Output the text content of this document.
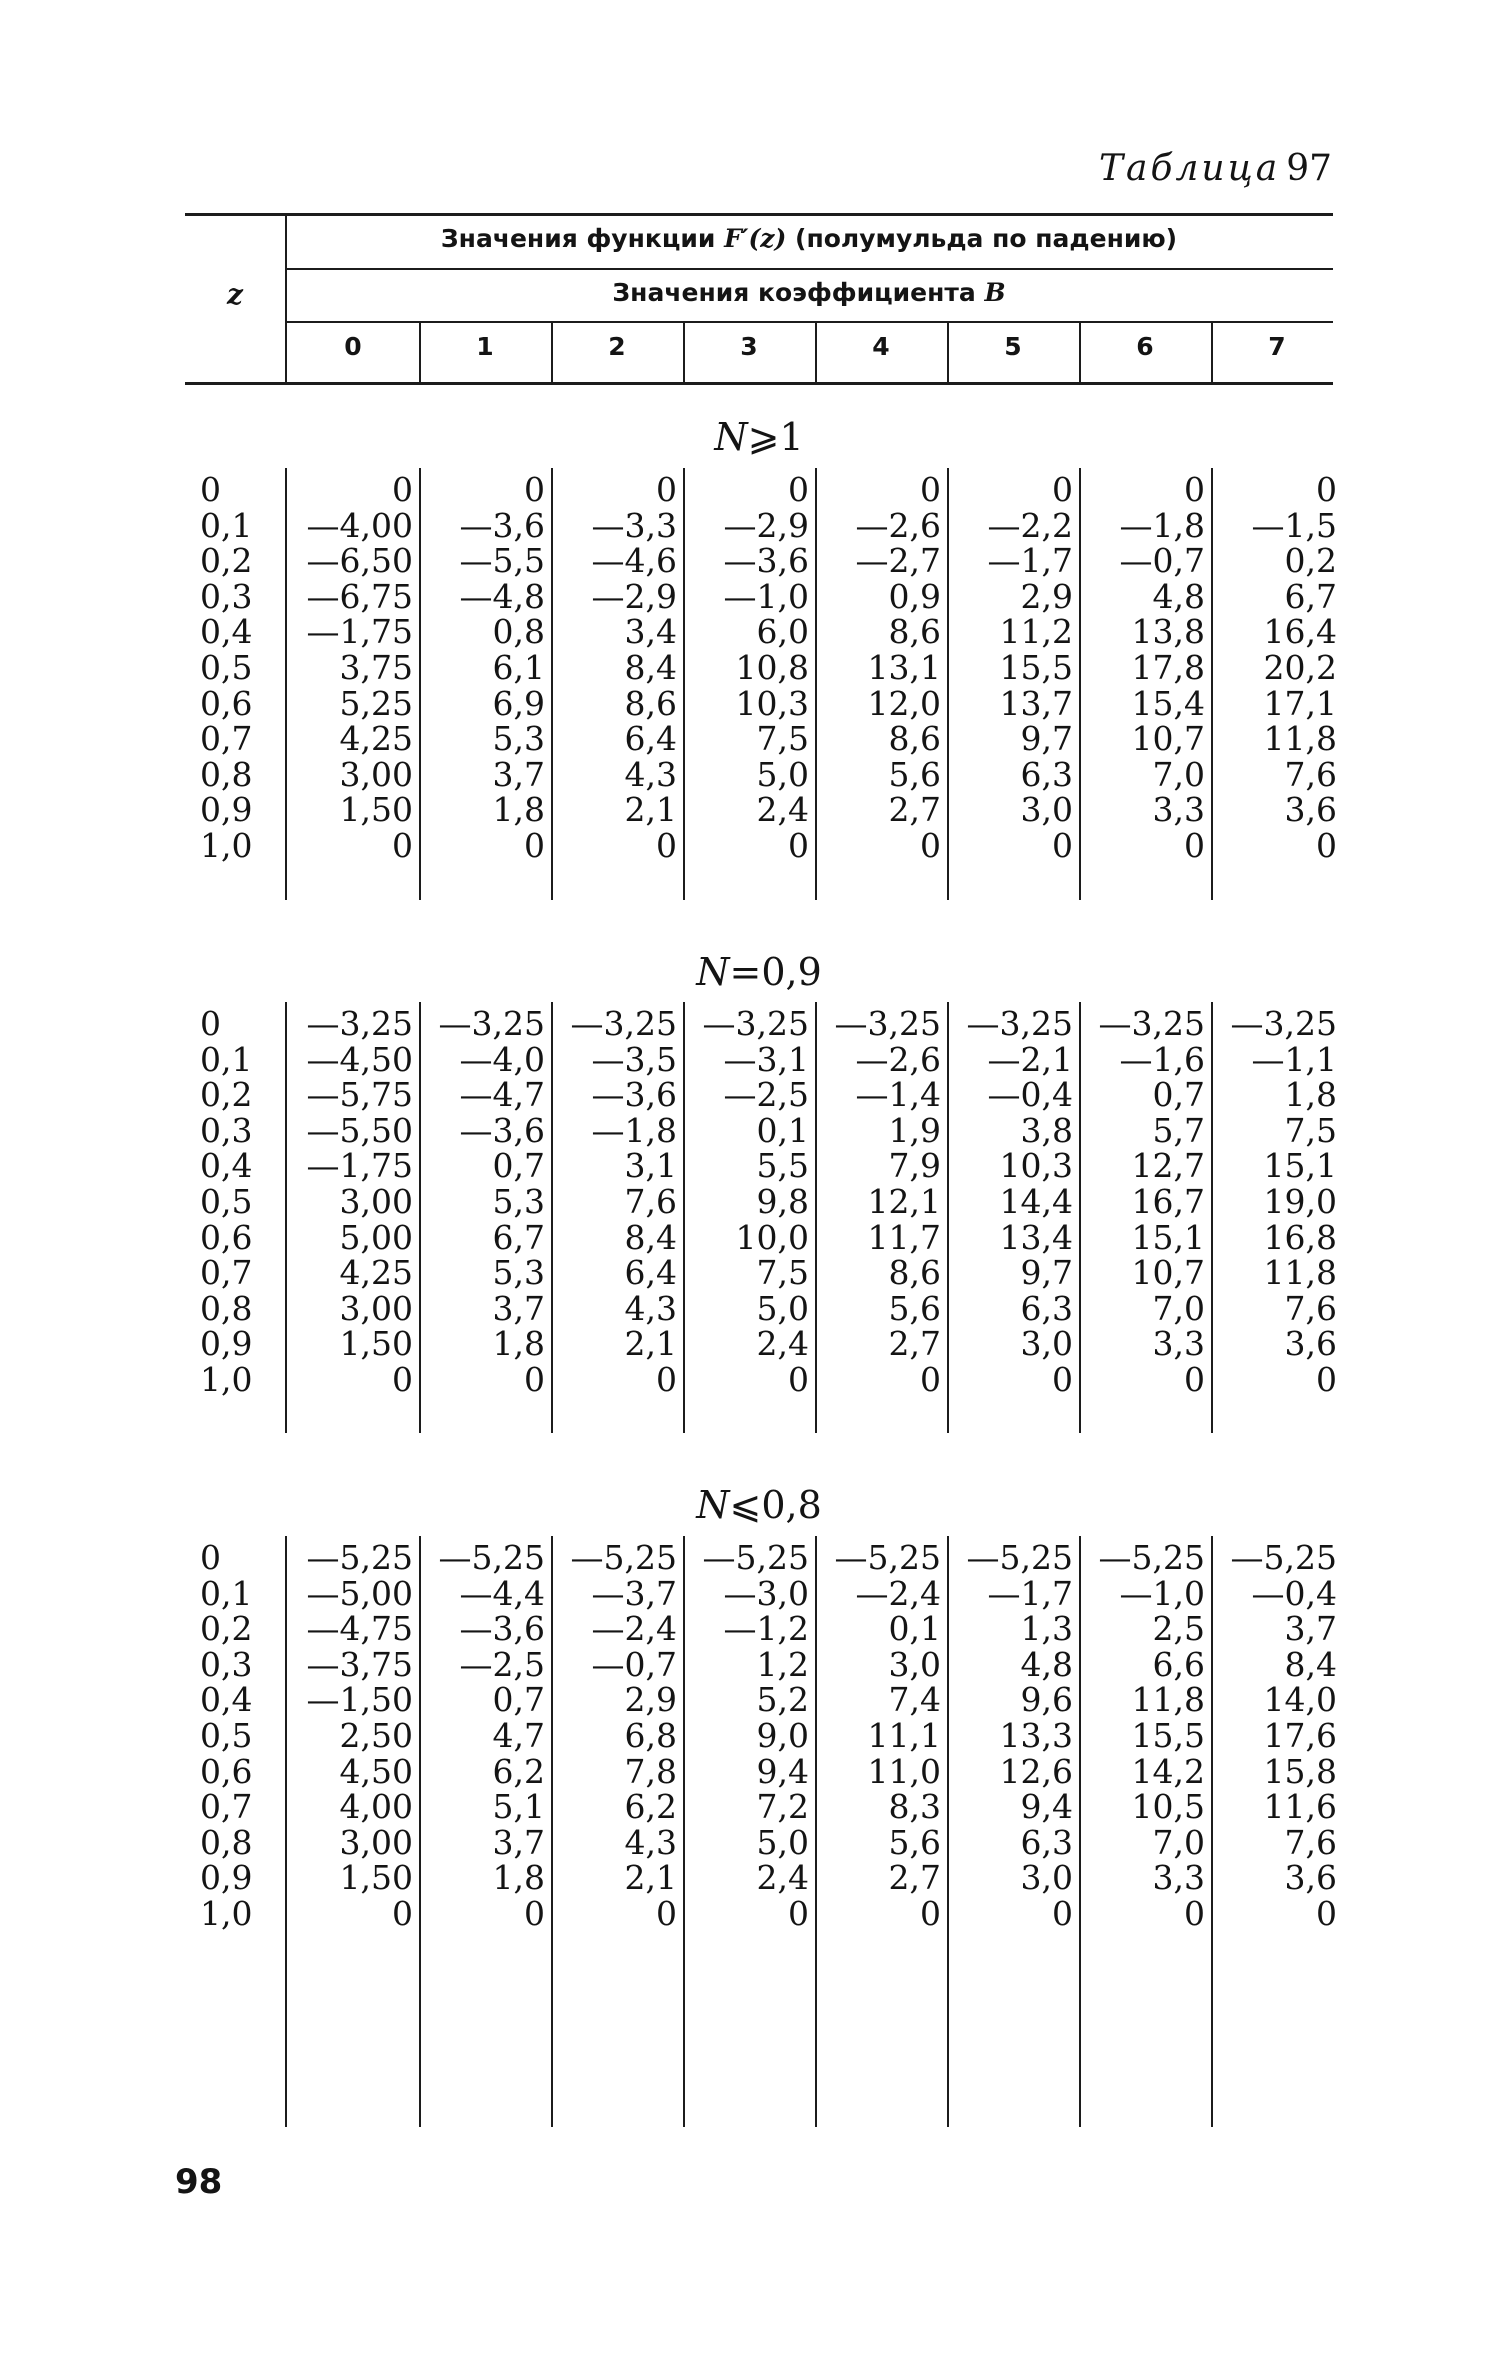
Таблица 97
Значения функции F′(z) (полумульда по падению)
Значения коэффициента B
z
0	1	2	3	4	5	6	7
N⩾1
0	0	0	0	0	0	0	0	0
0,1	—4,00	—3,6	—3,3	—2,9	—2,6	—2,2	—1,8	—1,5
0,2	—6,50	—5,5	—4,6	—3,6	—2,7	—1,7	—0,7	0,2
0,3	—6,75	—4,8	—2,9	—1,0	0,9	2,9	4,8	6,7
0,4	—1,75	0,8	3,4	6,0	8,6	11,2	13,8	16,4
0,5	3,75	6,1	8,4	10,8	13,1	15,5	17,8	20,2
0,6	5,25	6,9	8,6	10,3	12,0	13,7	15,4	17,1
0,7	4,25	5,3	6,4	7,5	8,6	9,7	10,7	11,8
0,8	3,00	3,7	4,3	5,0	5,6	6,3	7,0	7,6
0,9	1,50	1,8	2,1	2,4	2,7	3,0	3,3	3,6
1,0	0	0	0	0	0	0	0	0
N=0,9
0	—3,25 —3,25 —3,25 —3,25 —3,25 —3,25 —3,25 —3,25
0,1	—4,50	—4,0	—3,5	—3,1	—2,6	—2,1	—1,6	—1,1
0,2	—5,75	—4,7	—3,6	—2,5	—1,4	—0,4	0,7	1,8
0,3	—5,50	—3,6	—1,8	0,1	1,9	3,8	5,7	7,5
0,4	—1,75	0,7	3,1	5,5	7,9	10,3	12,7	15,1
0,5	3,00	5,3	7,6	9,8	12,1	14,4	16,7	19,0
0,6	5,00	6,7	8,4	10,0	11,7	13,4	15,1	16,8
0,7	4,25	5,3	6,4	7,5	8,6	9,7	10,7	11,8
0,8	3,00	3,7	4,3	5,0	5,6	6,3	7,0	7,6
0,9	1,50	1,8	2,1	2,4	2,7	3,0	3,3	3,6
1,0	0	0	0	0	0	0	0	0
N⩽0,8
0	—5,25 —5,25 —5,25 —5,25 —5,25 —5,25 —5,25 —5,25
0,1	—5,00	—4,4	—3,7	—3,0	—2,4	—1,7	—1,0	—0,4
0,2	—4,75	—3,6	—2,4	—1,2	0,1	1,3	2,5	3,7
0,3	—3,75	—2,5	—0,7	1,2	3,0	4,8	6,6	8,4
0,4	—1,50	0,7	2,9	5,2	7,4	9,6	11,8	14,0
0,5	2,50	4,7	6,8	9,0	11,1	13,3	15,5	17,6
0,6	4,50	6,2	7,8	9,4	11,0	12,6	14,2	15,8
0,7	4,00	5,1	6,2	7,2	8,3	9,4	10,5	11,6
0,8	3,00	3,7	4,3	5,0	5,6	6,3	7,0	7,6
0,9	1,50	1,8	2,1	2,4	2,7	3,0	3,3	3,6
1,0	0	0	0	0	0	0	0	0
98
